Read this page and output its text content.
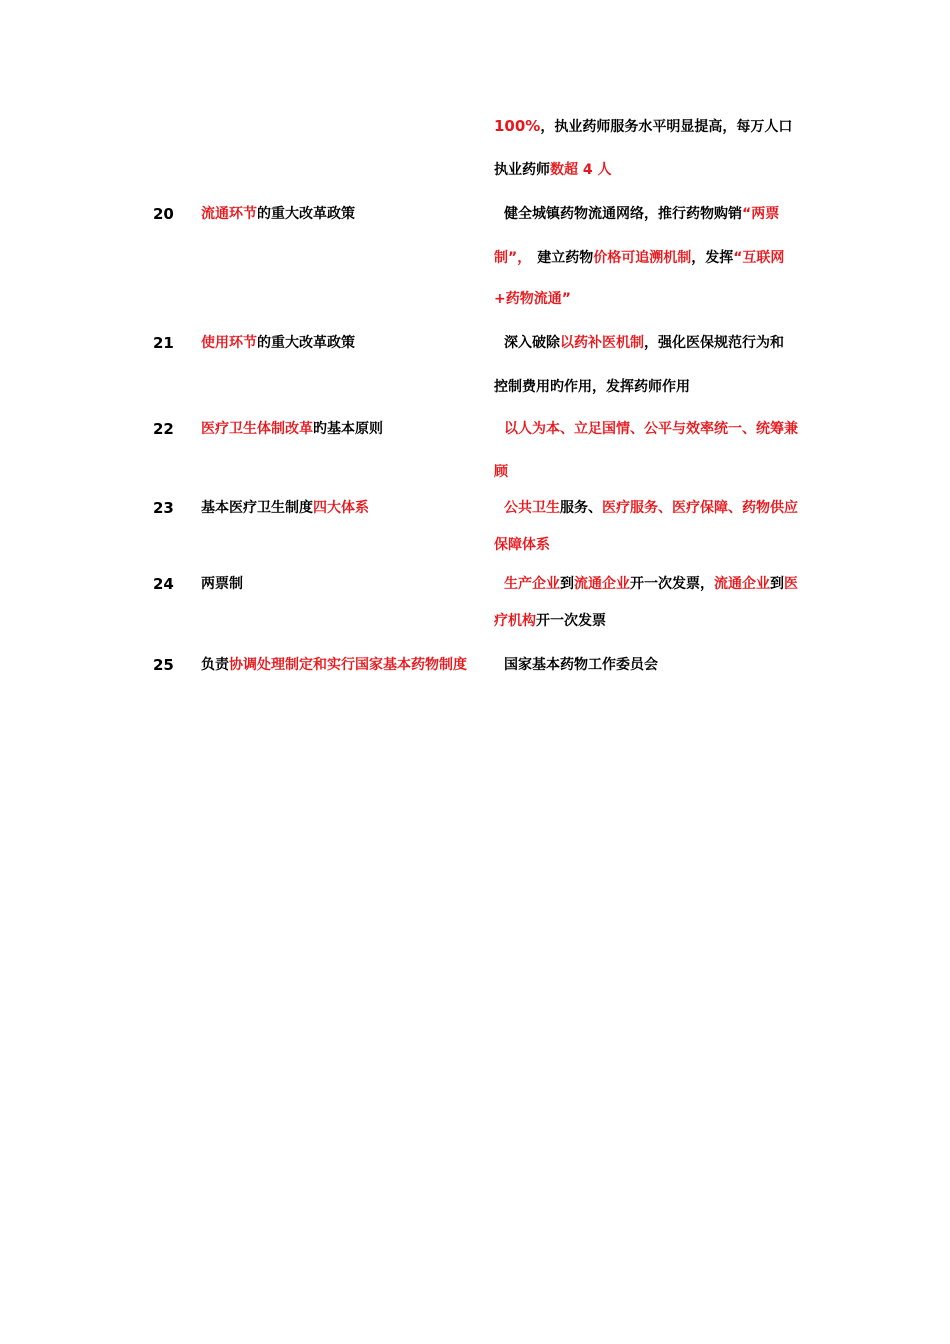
100%，执业药师服务水平明显提高，每万人口
执业药师数超 4 人
20 流通环节的重大改革政策	健全城镇药物流通网络，推行药物购销“两票
制”， 建立药物价格可追溯机制，发挥“互联网
+药物流通”
21 使用环节的重大改革政策	深入破除以药补医机制，强化医保规范行为和
控制费用旳作用，发挥药师作用
22 医疗卫生体制改革旳基本原则	以人为本、立足国情、公平与效率统一、统筹兼
顾
23 基本医疗卫生制度四大体系	公共卫生服务、医疗服务、医疗保障、药物供应
保障体系
24 两票制	生产企业到流通企业开一次发票，流通企业到医
疗机构开一次发票
25 负责协调处理制定和实行国家基本药物制度	国家基本药物工作委员会
